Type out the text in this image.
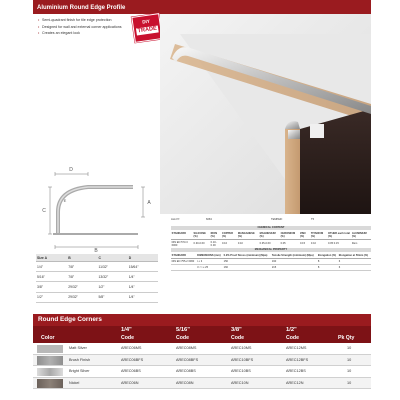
Aluminium Round Edge Profile
• Semi-quadrant finish for tile edge protection
• Designed for wall and external corner applications
• Creates an elegant look
DIY
TRADE
D
C
A
B
E
Size A	B	C	D
1/4"	7/8"	11/32"	15/64"
5/16"	7/8"	13/32"	1/4"
3/8"	29/32"	1/2"	1/4"
1/2"	29/32"	5/8"	1/4"
ALLOY:	6063	TEMPER:	T5
CHEMICAL CONTENT
STANDARD	SILICONE (%)	IRON (%)	COPPER (%)	MANGANESE (%)	MAGNESIUM (%)	CHROMIUM (%)	ZINC (%)	TITANIUM (%)	OTHER each total (%)	ALUMINIUM (%)
DIN EN 573-3 6060	0.30-0.60	0.10-0.30	0.10	0.10	0.35-0.60	0.05	0.15	0.10	0.05 0.15	Rem
MECHANICAL PROPERTY
STANDARD	DIMENSIONS (mm)	0.2% Proof Stress (minimum) (Mpa)	Tensile Strength (minimum) (Mpa)	Elongation (%)	Elongation at 50mm (%)
DIN EN 755-2 6060	t ≤ 3	150	190	8	6
	3 < t ≤ 25	160	215	8	6
Round Edge Corners
Color
1/4"
Code
5/16"
Code
3/8"
Code
1/2"
Code	Pk Qty
Matt Silver	AREC06MS	AREC08MS	AREC10MS	AREC12MS	10
Brush Finish	AREC06BFS	AREC08BFS	AREC10BFS	AREC12BFS	10
Bright Silver	AREC06BS	AREC08BS	AREC10BS	AREC12BS	10
Nickel	AREC06N	AREC08N	AREC10N	AREC12N	10
